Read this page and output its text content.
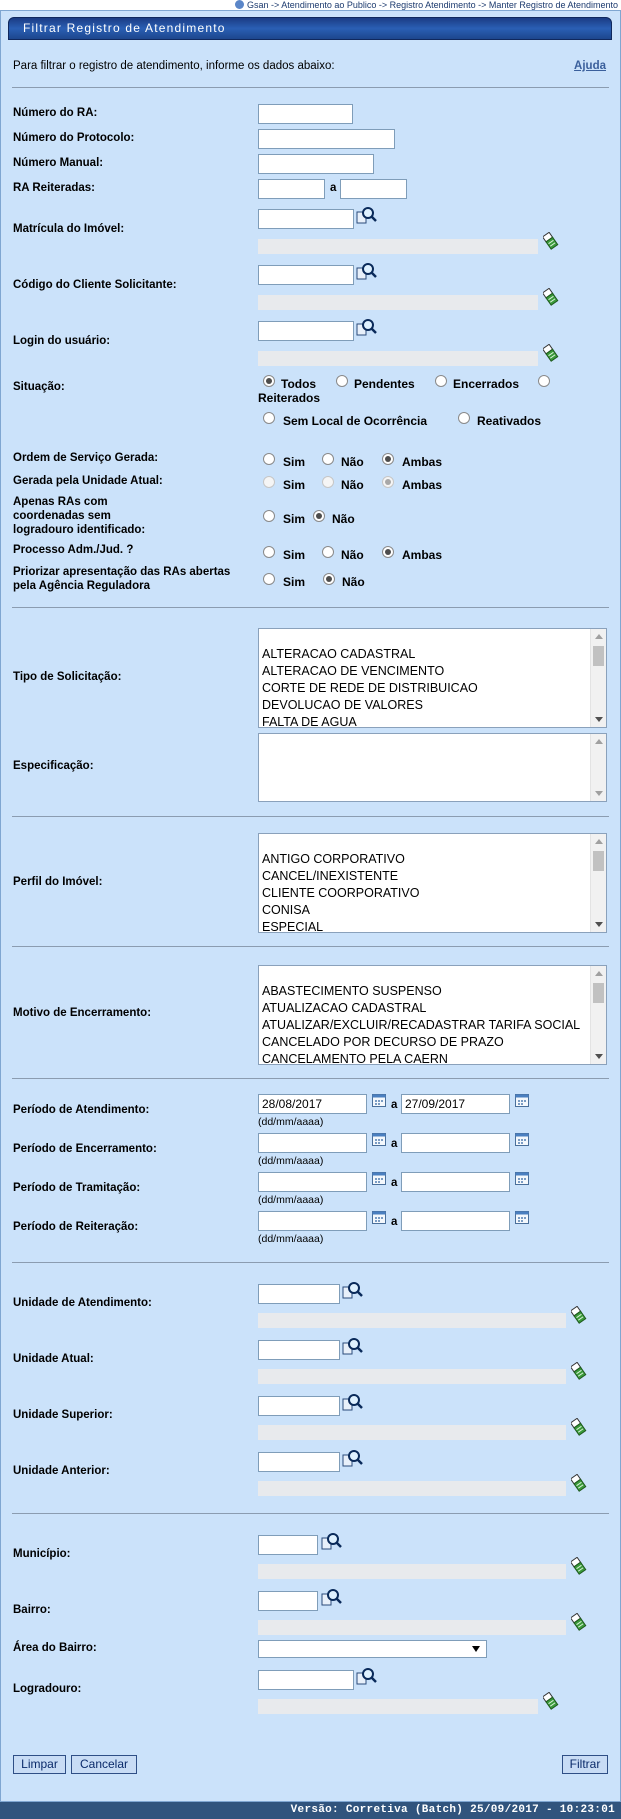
Gsan -> Atendimento ao Publico -> Registro Atendimento -> Manter Registro de Atendimento
Filtrar Registro de Atendimento
Para filtrar o registro de atendimento, informe os dados abaixo:	Ajuda
Número do RA:
Número do Protocolo:
Número Manual:
RA Reiteradas:	a
Matrícula do Imóvel:
Código do Cliente Solicitante:
Login do usuário:
Situação:	Todos	Pendentes	Encerrados
Reiterados
Sem Local de Ocorrência	Reativados
Ordem de Serviço Gerada:	Sim	Não	Ambas
Gerada pela Unidade Atual:	Sim	Não	Ambas
Apenas RAs com
coordenadas sem
logradouro identificado:
Sim Não
Processo Adm./Jud. ?	Sim	Não	Ambas
Priorizar apresentação das RAs abertas
pela Agência Reguladora	Sim	Não
Tipo de Solicitação:
ALTERACAO CADASTRAL
ALTERACAO DE VENCIMENTO
CORTE DE REDE DE DISTRIBUICAO
DEVOLUCAO DE VALORES
FALTA DE AGUA
Especificação:
Perfil do Imóvel:
ANTIGO CORPORATIVO
CANCEL/INEXISTENTE
CLIENTE COORPORATIVO
CONISA
ESPECIAL
Motivo de Encerramento:
ABASTECIMENTO SUSPENSO
ATUALIZACAO CADASTRAL
ATUALIZAR/EXCLUIR/RECADASTRAR TARIFA SOCIAL
CANCELADO POR DECURSO DE PRAZO
CANCELAMENTO PELA CAERN
Período de Atendimento:	28/08/2017	a 27/09/2017
(dd/mm/aaaa)
Período de Encerramento:	a
(dd/mm/aaaa)
Período de Tramitação:	a
(dd/mm/aaaa)
Período de Reiteração:	a
(dd/mm/aaaa)
Unidade de Atendimento:
Unidade Atual:
Unidade Superior:
Unidade Anterior:
Município:
Bairro:
Área do Bairro:
Logradouro:
Limpar	Cancelar	Filtrar
Versão: Corretiva (Batch) 25/09/2017 - 10:23:01
